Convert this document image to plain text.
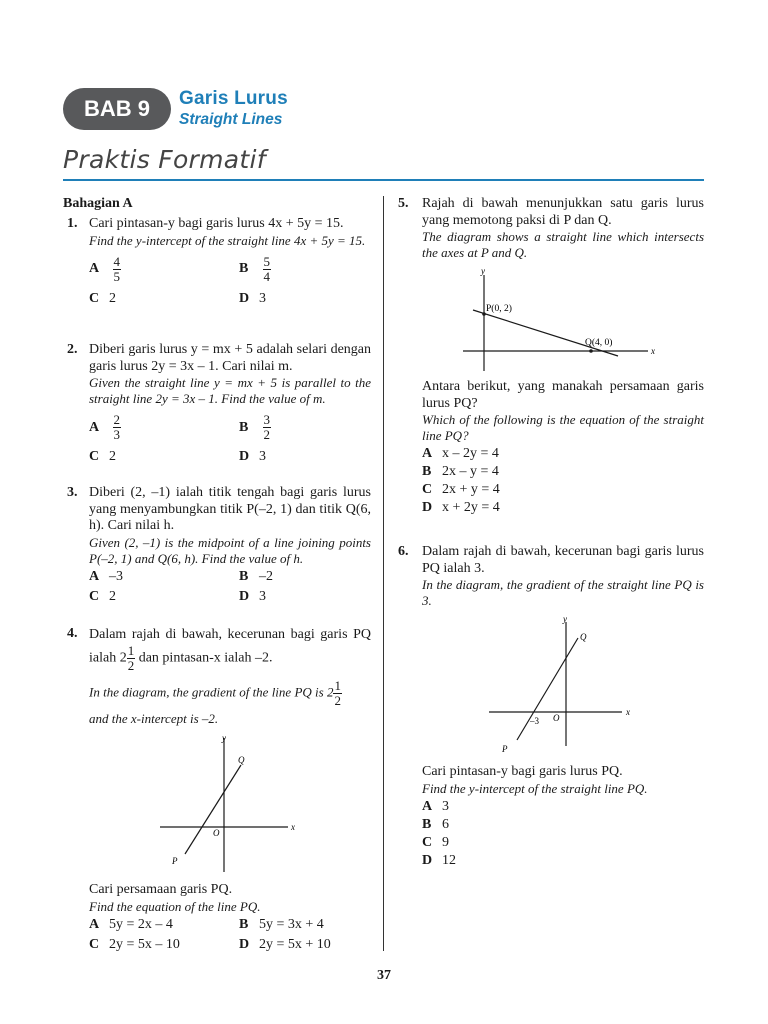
BAB 9	Garis Lurus
Straight Lines
Praktis Formatif
Bahagian A
1. Cari pintasan-y bagi garis lurus 4x + 5y = 15.
Find the y-intercept of the straight line 4x + 5y = 15.
A $\frac{4}{5}$	B $\frac{5}{4}$
C 2	D 3
2. Diberi garis lurus y = mx + 5 adalah selari dengan garis lurus 2y = 3x – 1. Cari nilai m.
Given the straight line y = mx + 5 is parallel to the straight line 2y = 3x – 1. Find the value of m.
A $\frac{2}{3}$	B $\frac{3}{2}$
C 2	D 3
3. Diberi (2, –1) ialah titik tengah bagi garis lurus yang menyambungkan titik P(–2, 1) dan titik Q(6, h). Cari nilai h.
Given (2, –1) is the midpoint of a line joining points P(–2, 1) and Q(6, h). Find the value of h.
A –3	B –2
C 2	D 3
4. Dalam rajah di bawah, kecerunan bagi garis PQ ialah $2 \frac{1}{2}$ dan pintasan-x ialah –2.
In the diagram, the gradient of the line PQ is $2 \frac{1}{2}$

and the x-intercept is –2.
y
x
O
P
Q
Cari persamaan garis PQ.
Find the equation of the line PQ.
A 5y = 2x – 4	B 5y = 3x + 4
C 2y = 5x – 10	D 2y = 5x + 10
5. Rajah di bawah menunjukkan satu garis lurus yang memotong paksi di P dan Q.
The diagram shows a straight line which intersects the axes at P and Q.
y
x
P(0, 2)
Q(4, 0)
Antara berikut, yang manakah persamaan garis lurus PQ?
Which of the following is the equation of the straight line PQ?
A x – 2y = 4
B 2x – y = 4
C 2x + y = 4
D x + 2y = 4
6. Dalam rajah di bawah, kecerunan bagi garis lurus PQ ialah 3.
In the diagram, the gradient of the straight line PQ is 3.
y
x
O
–3
P
Q
Cari pintasan-y bagi garis lurus PQ.
Find the y-intercept of the straight line PQ.
A 3
B 6
C 9
D 12
37
